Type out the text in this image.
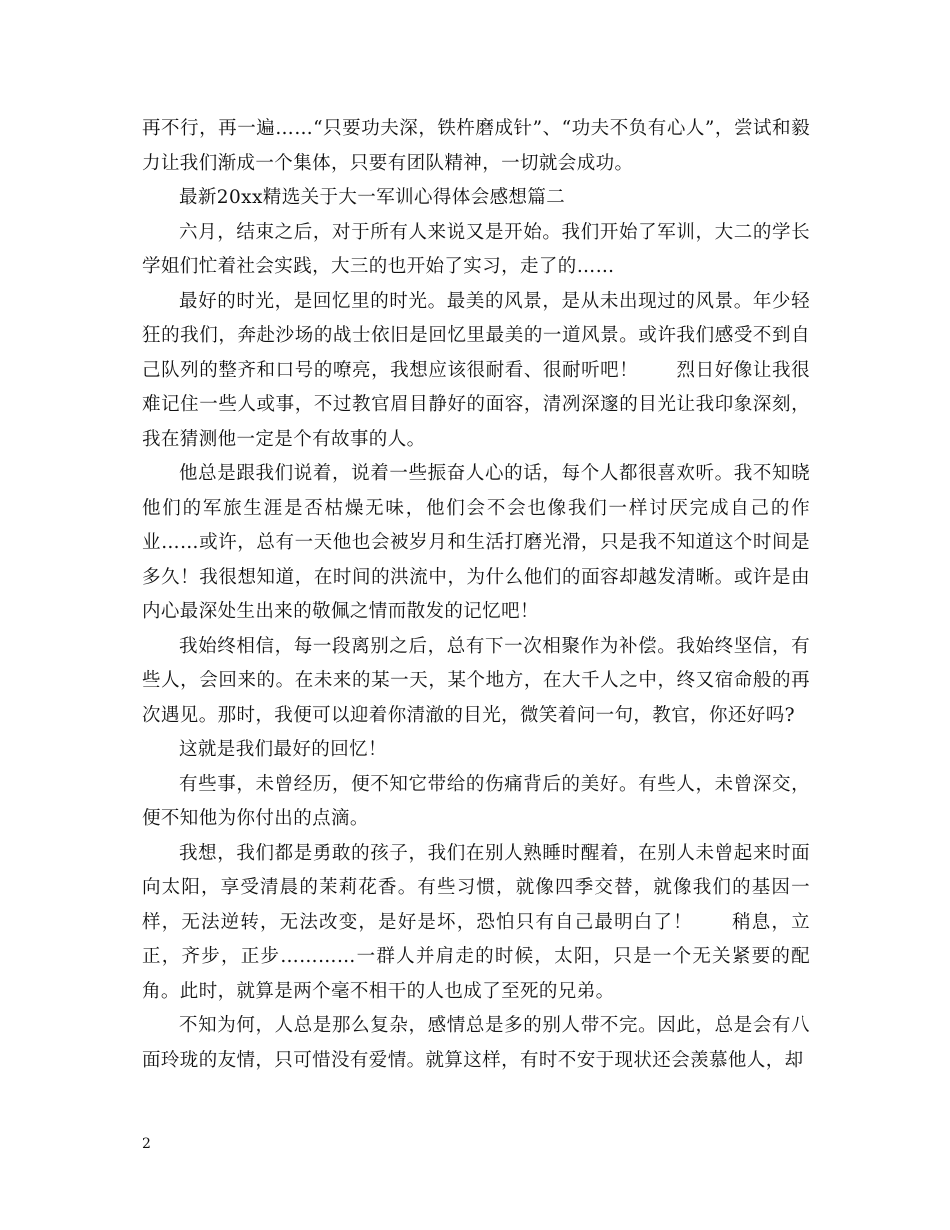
再不行，再一遍……“只要功夫深，铁杵磨成针”、“功夫不负有心人”，尝试和毅力让我们渐成一个集体，只要有团队精神，一切就会成功。

最新20xx精选关于大一军训心得体会感想篇二

六月，结束之后，对于所有人来说又是开始。我们开始了军训，大二的学长学姐们忙着社会实践，大三的也开始了实习，走了的……

最好的时光，是回忆里的时光。最美的风景，是从未出现过的风景。年少轻狂的我们，奔赴沙场的战士依旧是回忆里最美的一道风景。或许我们感受不到自己队列的整齐和口号的嘹亮，我想应该很耐看、很耐听吧！　　烈日好像让我很难记住一些人或事，不过教官眉目静好的面容，清冽深邃的目光让我印象深刻，我在猜测他一定是个有故事的人。

他总是跟我们说着，说着一些振奋人心的话，每个人都很喜欢听。我不知晓他们的军旅生涯是否枯燥无味，他们会不会也像我们一样讨厌完成自己的作业……或许，总有一天他也会被岁月和生活打磨光滑，只是我不知道这个时间是多久！我很想知道，在时间的洪流中，为什么他们的面容却越发清晰。或许是由内心最深处生出来的敬佩之情而散发的记忆吧！

我始终相信，每一段离别之后，总有下一次相聚作为补偿。我始终坚信，有些人，会回来的。在未来的某一天，某个地方，在大千人之中，终又宿命般的再次遇见。那时，我便可以迎着你清澈的目光，微笑着问一句，教官，你还好吗?

这就是我们最好的回忆！

有些事，未曾经历，便不知它带给的伤痛背后的美好。有些人，未曾深交，便不知他为你付出的点滴。

我想，我们都是勇敢的孩子，我们在别人熟睡时醒着，在别人未曾起来时面向太阳，享受清晨的茉莉花香。有些习惯，就像四季交替，就像我们的基因一样，无法逆转，无法改变，是好是坏，恐怕只有自己最明白了！　　稍息，立正，齐步，正步…………一群人并肩走的时候，太阳，只是一个无关紧要的配角。此时，就算是两个毫不相干的人也成了至死的兄弟。

不知为何，人总是那么复杂，感情总是多的别人带不完。因此，总是会有八面玲珑的友情，只可惜没有爱情。就算这样，有时不安于现状还会羡慕他人，却

2
